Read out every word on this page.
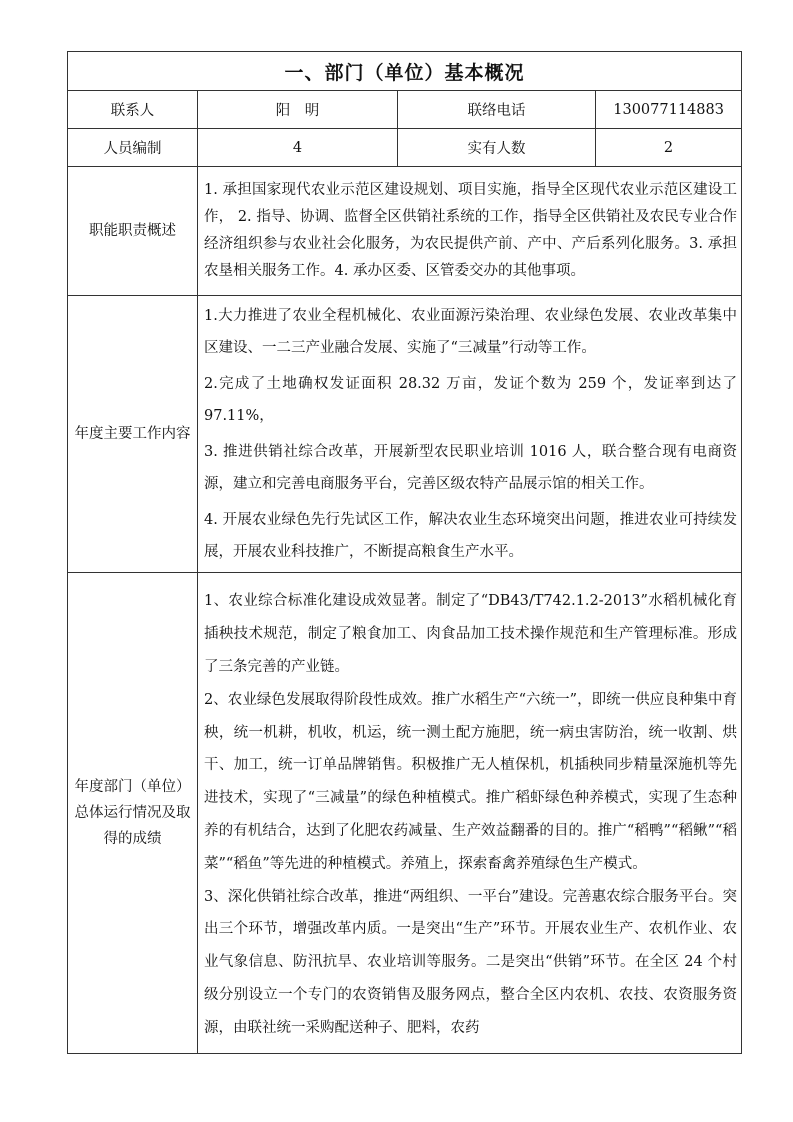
一、部门（单位）基本概况			
联系人	阳　明	联络电话	13007711488З
人员编制	4	实有人数	2
职能职责概述	1. 承担国家现代农业示范区建设规划、项目实施，指导全区现代农业示范区建设工作， 2. 指导、协调、监督全区供销社系统的工作，指导全区供销社及农民专业合作经济组织参与农业社会化服务，为农民提供产前、产中、产后系列化服务。3. 承担农垦相关服务工作。4. 承办区委、区管委交办的其他事项。		
年度主要工作内容	1.大力推进了农业全程机械化、农业面源污染治理、农业绿色发展、农业改革集中区建设、一二三产业融合发展、实施了“三减量”行动等工作。

2.完成了土地确权发证面积 28.32 万亩，发证个数为 259 个，发证率到达了 97.11%，

3. 推进供销社综合改革，开展新型农民职业培训 1016 人，联合整合现有电商资源，建立和完善电商服务平台，完善区级农特产品展示馆的相关工作。

4. 开展农业绿色先行先试区工作，解决农业生态环境突出问题，推进农业可持续发展，开展农业科技推广，不断提高粮食生产水平。		

年度部门（单位）总体运行情况及取得的成绩	1、农业综合标准化建设成效显著。制定了“DB43/T742.1.2-2013”水稻机械化育插秧技术规范，制定了粮食加工、肉食品加工技术操作规范和生产管理标准。形成了三条完善的产业链。

2、农业绿色发展取得阶段性成效。推广水稻生产“六统一”，即统一供应良种集中育秧，统一机耕，机收，机运，统一测土配方施肥，统一病虫害防治，统一收割、烘干、加工，统一订单品牌销售。积极推广无人植保机，机插秧同步精量深施机等先进技术，实现了“三减量”的绿色种植模式。推广稻虾绿色种养模式，实现了生态种养的有机结合，达到了化肥农药减量、生产效益翻番的目的。推广“稻鸭”“稻鳅”“稻菜”“稻鱼”等先进的种植模式。养殖上，探索畜禽养殖绿色生产模式。

3、深化供销社综合改革，推进“两组织、一平台”建设。完善惠农综合服务平台。突出三个环节，增强改革内质。一是突出“生产”环节。开展农业生产、农机作业、农业气象信息、防汛抗旱、农业培训等服务。二是突出“供销”环节。在全区 24 个村级分别设立一个专门的农资销售及服务网点，整合全区内农机、农技、农资服务资源，由联社统一采购配送种子、肥料，农药		
